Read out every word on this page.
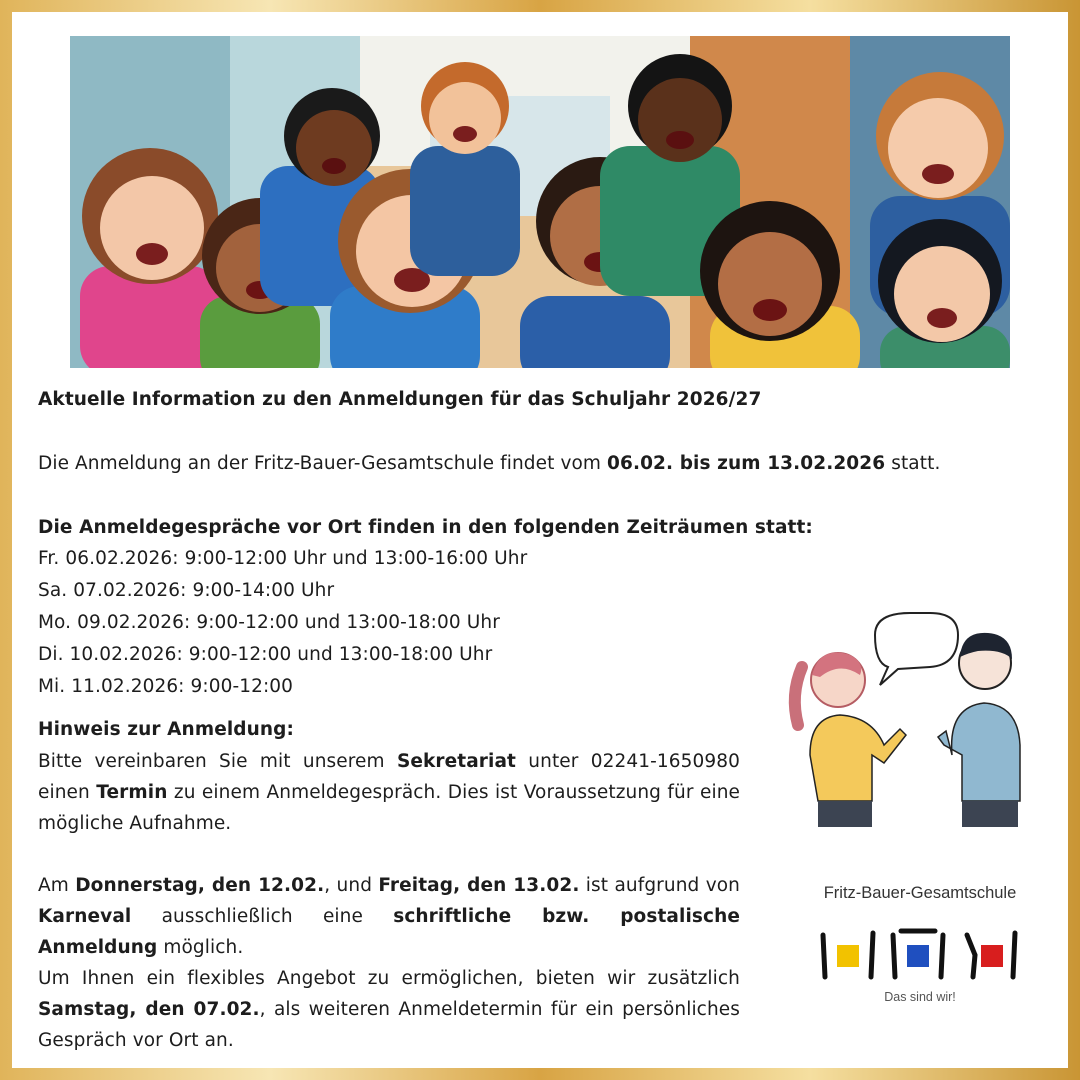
Aktuelle Information zu den Anmeldungen für das Schuljahr 2026/27
Die Anmeldung an der Fritz-Bauer-Gesamtschule findet vom 06.02. bis zum 13.02.2026 statt.
Die Anmeldegespräche vor Ort finden in den folgenden Zeiträumen statt:
Fr. 06.02.2026: 9:00-12:00 Uhr und 13:00-16:00 Uhr
Sa. 07.02.2026: 9:00-14:00 Uhr
Mo. 09.02.2026: 9:00-12:00 und 13:00-18:00 Uhr
Di. 10.02.2026: 9:00-12:00 und 13:00-18:00 Uhr
Mi. 11.02.2026: 9:00-12:00
Hinweis zur Anmeldung:
Bitte vereinbaren Sie mit unserem Sekretariat unter 02241-1650980 einen Termin zu einem Anmeldegespräch. Dies ist Voraussetzung für eine mögliche Aufnahme.
Am Donnerstag, den 12.02., und Freitag, den 13.02. ist aufgrund von Karneval ausschließlich eine schriftliche bzw. postalische Anmeldung möglich.
Um Ihnen ein flexibles Angebot zu ermöglichen, bieten wir zusätzlich Samstag, den 07.02., als weiteren Anmeldetermin für ein persönliches Gespräch vor Ort an.
Fritz-Bauer-Gesamtschule
Das sind wir!
